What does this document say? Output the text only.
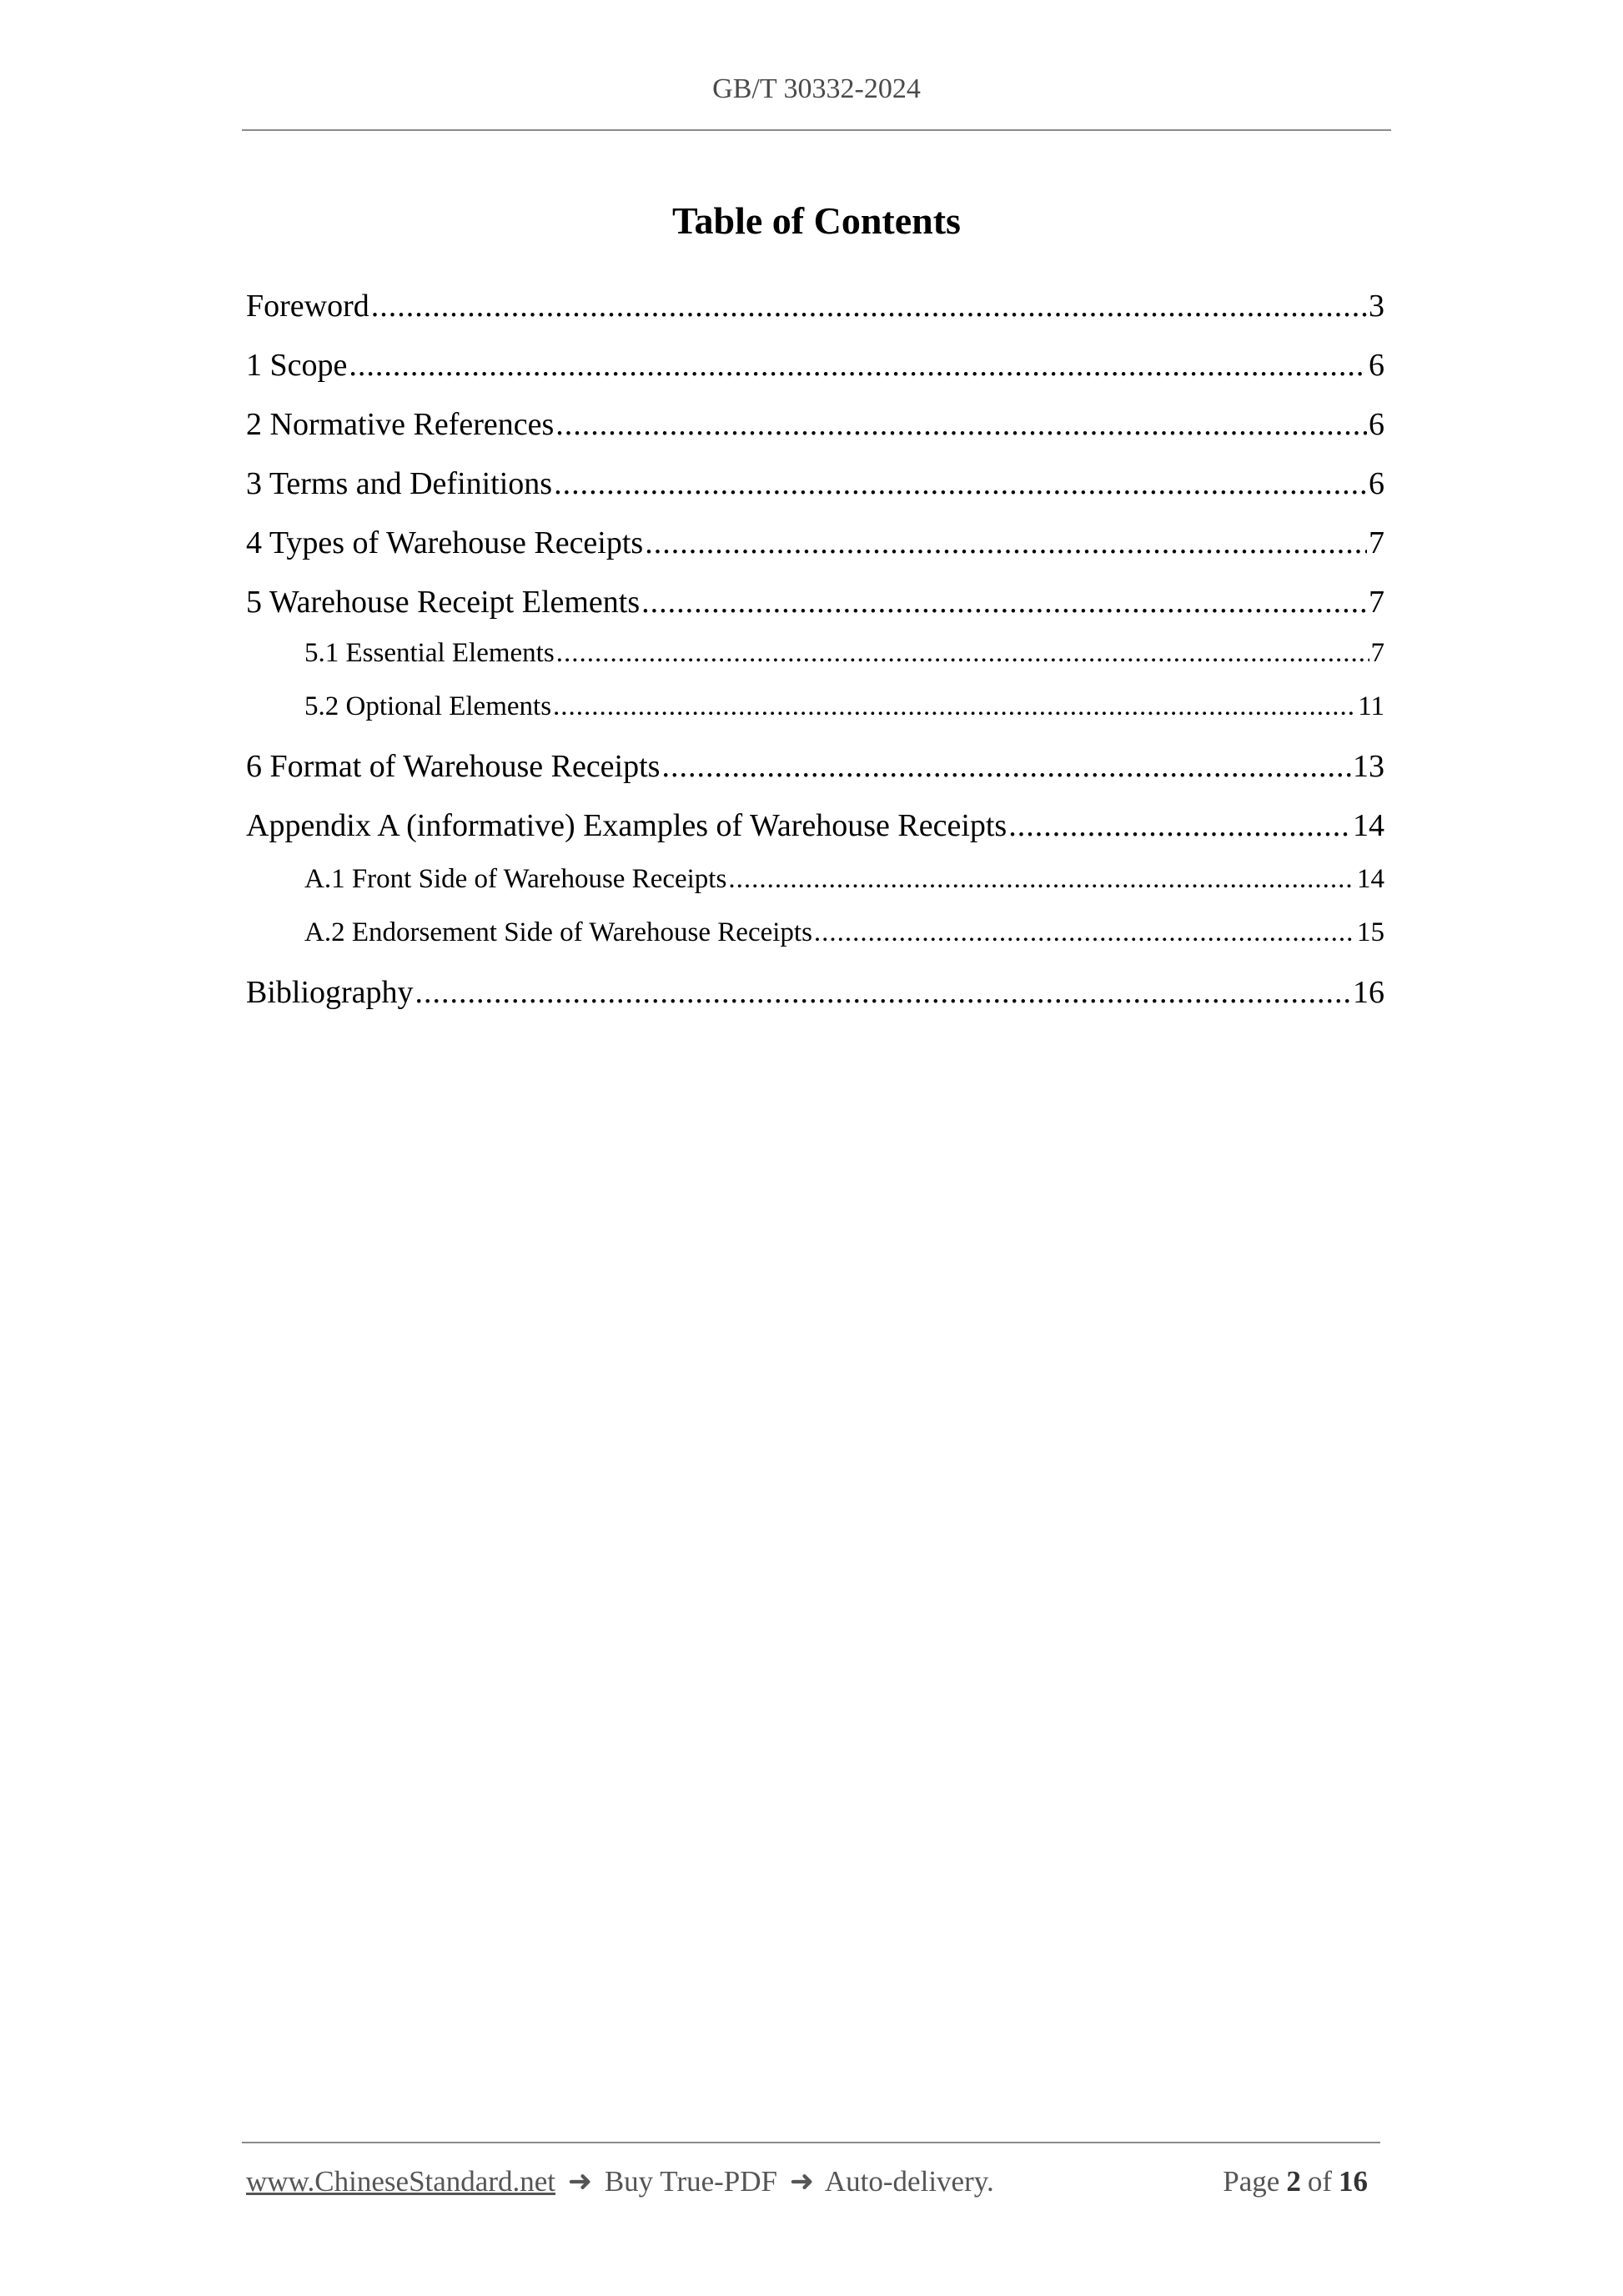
GB/T 30332-2024
Table of Contents
Foreword .....	3
1 Scope .....	6
2 Normative References .....	6
3 Terms and Definitions .....	6
4 Types of Warehouse Receipts .....	7
5 Warehouse Receipt Elements .....	7
5.1 Essential Elements .....	7
5.2 Optional Elements .....	11
6 Format of Warehouse Receipts .....	13
Appendix A (informative) Examples of Warehouse Receipts .....	14
A.1 Front Side of Warehouse Receipts .....	14
A.2 Endorsement Side of Warehouse Receipts .....	15
Bibliography .....	16
www.ChineseStandard.net ➜ Buy True-PDF ➜ Auto-delivery.	Page 2 of 16
